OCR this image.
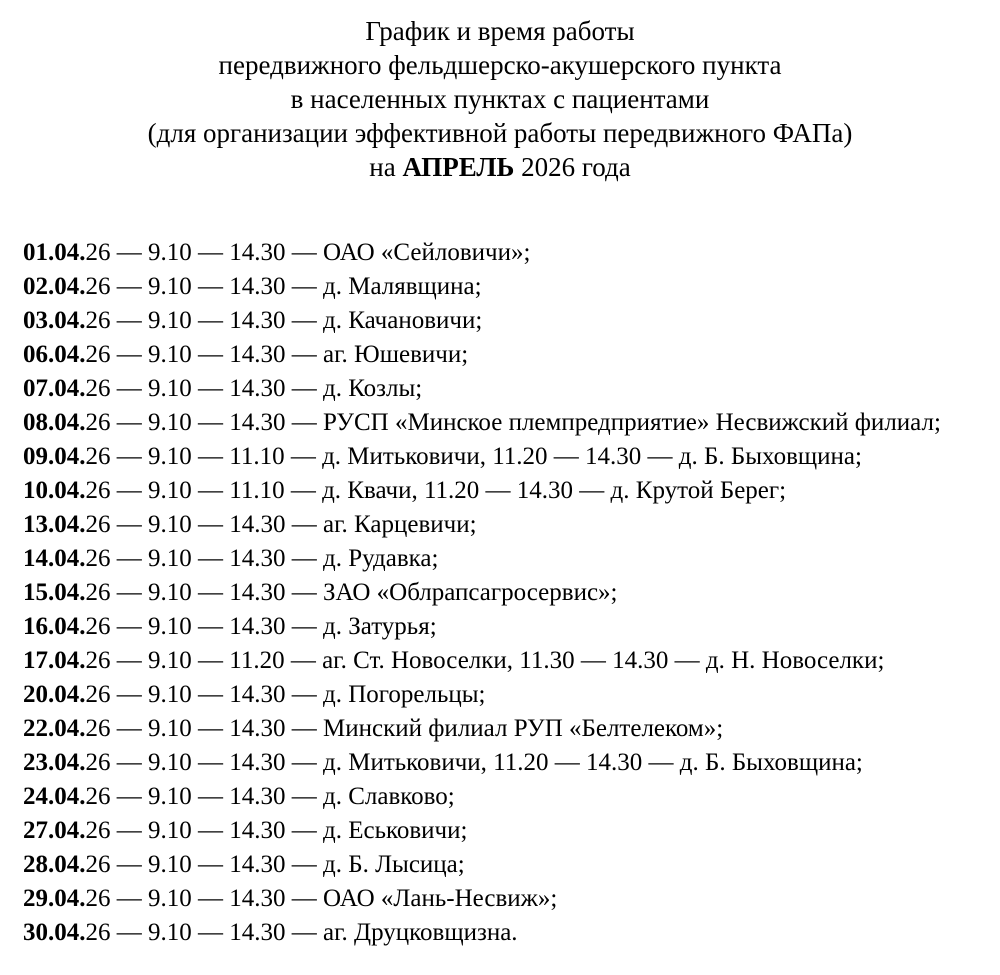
График и время работы
передвижного фельдшерско-акушерского пункта
в населенных пунктах с пациентами
(для организации эффективной работы передвижного ФАПа)
на АПРЕЛЬ 2026 года
01.04.26 — 9.10 — 14.30 — ОАО «Сейловичи»;
02.04.26 — 9.10 — 14.30 — д. Малявщина;
03.04.26 — 9.10 — 14.30 — д. Качановичи;
06.04.26 — 9.10 — 14.30 — аг. Юшевичи;
07.04.26 — 9.10 — 14.30 — д. Козлы;
08.04.26 — 9.10 — 14.30 — РУСП «Минское племпредприятие» Несвижский филиал;
09.04.26 — 9.10 — 11.10 — д. Митьковичи, 11.20 — 14.30 — д. Б. Быховщина;
10.04.26 — 9.10 — 11.10 — д. Квачи, 11.20 — 14.30 — д. Крутой Берег;
13.04.26 — 9.10 — 14.30 — аг. Карцевичи;
14.04.26 — 9.10 — 14.30 — д. Рудавка;
15.04.26 — 9.10 — 14.30 — ЗАО «Облрапсагросервис»;
16.04.26 — 9.10 — 14.30 — д. Затурья;
17.04.26 — 9.10 — 11.20 — аг. Ст. Новоселки, 11.30 — 14.30 — д. Н. Новоселки;
20.04.26 — 9.10 — 14.30 — д. Погорельцы;
22.04.26 — 9.10 — 14.30 — Минский филиал РУП «Белтелеком»;
23.04.26 — 9.10 — 14.30 — д. Митьковичи, 11.20 — 14.30 — д. Б. Быховщина;
24.04.26 — 9.10 — 14.30 — д. Славково;
27.04.26 — 9.10 — 14.30 — д. Еськовичи;
28.04.26 — 9.10 — 14.30 — д. Б. Лысица;
29.04.26 — 9.10 — 14.30 — ОАО «Лань-Несвиж»;
30.04.26 — 9.10 — 14.30 — аг. Друцковщизна.
